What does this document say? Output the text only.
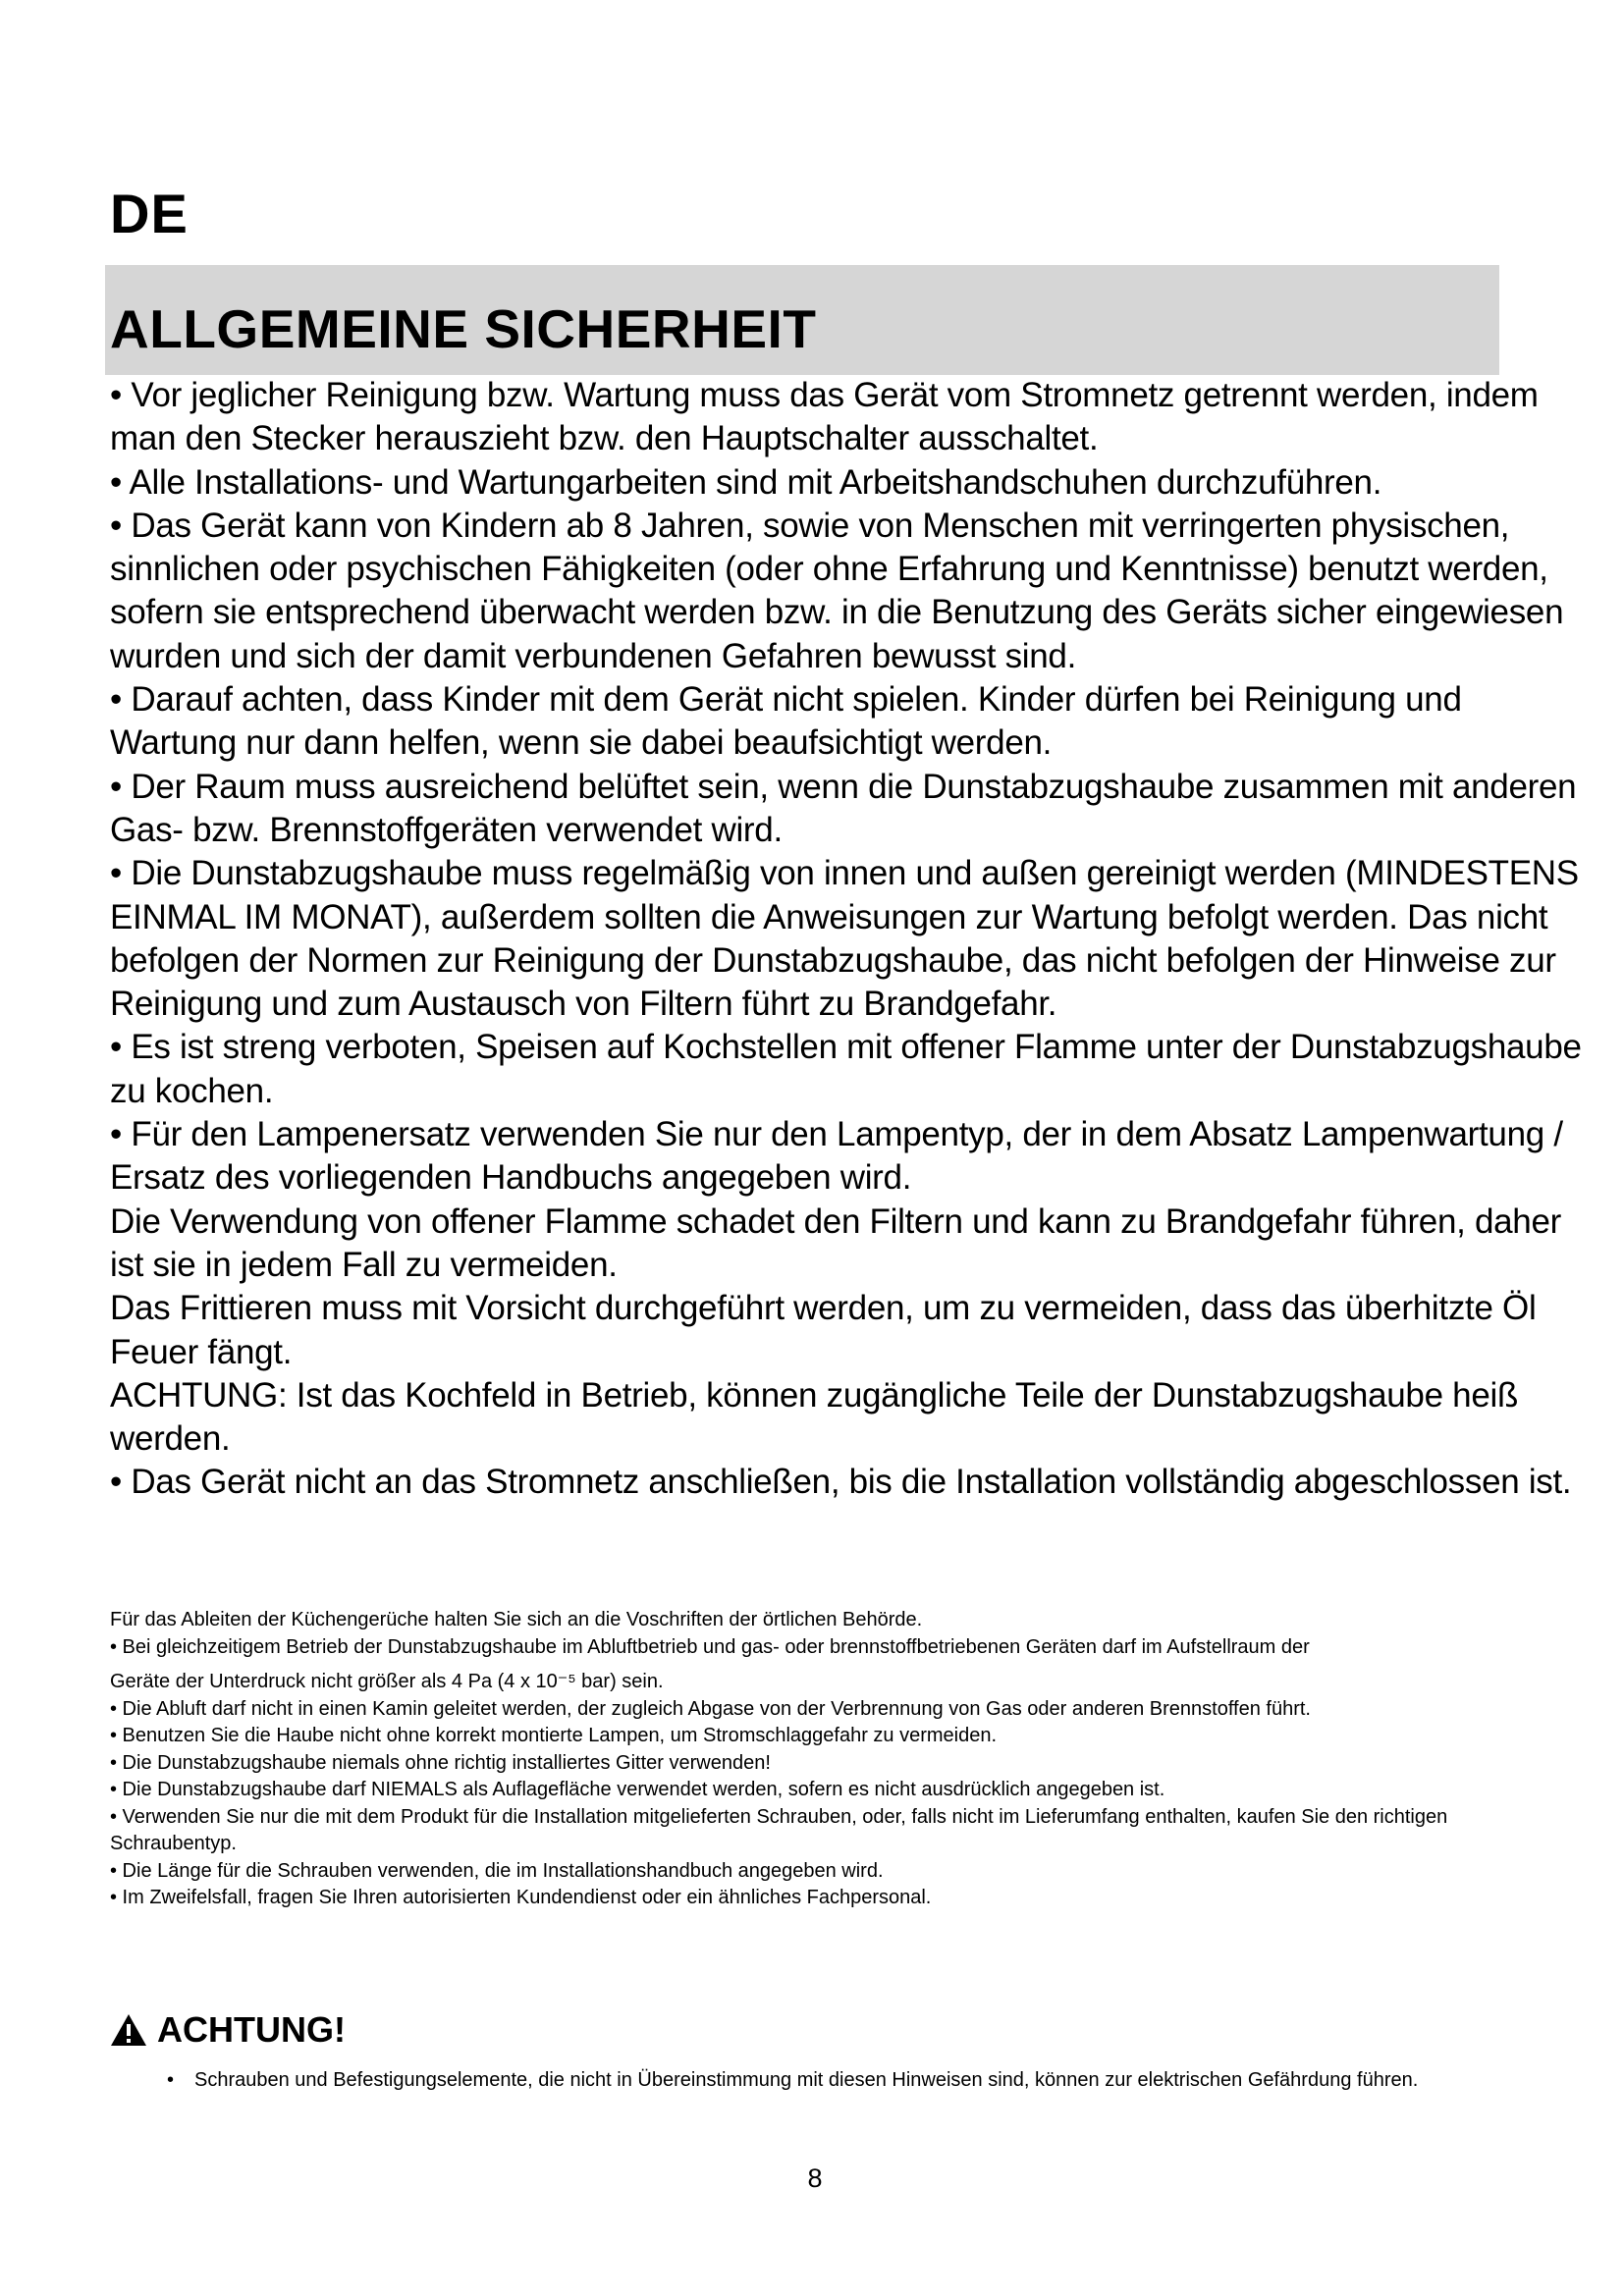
DE
ALLGEMEINE SICHERHEIT

• Vor jeglicher Reinigung bzw. Wartung muss das Gerät vom Stromnetz getrennt werden, indem man den Stecker herauszieht bzw. den Hauptschalter ausschaltet.

• Alle Installations- und Wartungarbeiten sind mit Arbeitshandschuhen durchzuführen.

• Das Gerät kann von Kindern ab 8 Jahren, sowie von Menschen mit verringerten physischen, sinnlichen oder psychischen Fähigkeiten (oder ohne Erfahrung und Kenntnisse) benutzt werden, sofern sie entsprechend überwacht werden bzw. in die Benutzung des Geräts sicher eingewiesen wurden und sich der damit verbundenen Gefahren bewusst sind.

• Darauf achten, dass Kinder mit dem Gerät nicht spielen. Kinder dürfen bei Reinigung und Wartung nur dann helfen, wenn sie dabei beaufsichtigt werden.

• Der Raum muss ausreichend belüftet sein, wenn die Dunstabzugshaube zusammen mit anderen Gas- bzw. Brennstoffgeräten verwendet wird.

• Die Dunstabzugshaube muss regelmäßig von innen und außen gereinigt werden (MINDESTENS EINMAL IM MONAT), außerdem sollten die Anweisungen zur Wartung befolgt werden. Das nicht befolgen der Normen zur Reinigung der Dunstabzugshaube, das nicht befolgen der Hinweise zur Reinigung und zum Austausch von Filtern führt zu Brandgefahr.

• Es ist streng verboten, Speisen auf Kochstellen mit offener Flamme unter der Dunstabzugshaube zu kochen.

• Für den Lampenersatz verwenden Sie nur den Lampentyp, der in dem Absatz Lampenwartung / Ersatz des vorliegenden Handbuchs angegeben wird.

Die Verwendung von offener Flamme schadet den Filtern und kann zu Brandgefahr führen, daher ist sie in jedem Fall zu vermeiden.

Das Frittieren muss mit Vorsicht durchgeführt werden, um zu vermeiden, dass das überhitzte Öl Feuer fängt.

ACHTUNG: Ist das Kochfeld in Betrieb, können zugängliche Teile der Dunstabzugshaube heiß werden.

• Das Gerät nicht an das Stromnetz anschließen, bis die Installation vollständig abgeschlossen ist.

Für das Ableiten der Küchengerüche halten Sie sich an die Voschriften der örtlichen Behörde.

• Bei gleichzeitigem Betrieb der Dunstabzugshaube im Abluftbetrieb und gas- oder brennstoffbetriebenen Geräten darf im Aufstellraum der

Geräte der Unterdruck nicht größer als 4 Pa (4 x 10⁻⁵ bar) sein.

• Die Abluft darf nicht in einen Kamin geleitet werden, der zugleich Abgase von der Verbrennung von Gas oder anderen Brennstoffen führt.

• Benutzen Sie die Haube nicht ohne korrekt montierte Lampen, um Stromschlaggefahr zu vermeiden.

• Die Dunstabzugshaube niemals ohne richtig installiertes Gitter verwenden!

• Die Dunstabzugshaube darf NIEMALS als Auflagefläche verwendet werden, sofern es nicht ausdrücklich angegeben ist.

• Verwenden Sie nur die mit dem Produkt für die Installation mitgelieferten Schrauben, oder, falls nicht im Lieferumfang enthalten, kaufen Sie den richtigen Schraubentyp.

• Die Länge für die Schrauben verwenden, die im Installationshandbuch angegeben wird.

• Im Zweifelsfall, fragen Sie Ihren autorisierten Kundendienst oder ein ähnliches Fachpersonal.

ACHTUNG!
• Schrauben und Befestigungselemente, die nicht in Übereinstimmung mit diesen Hinweisen sind, können zur elektrischen Gefährdung führen.
8
